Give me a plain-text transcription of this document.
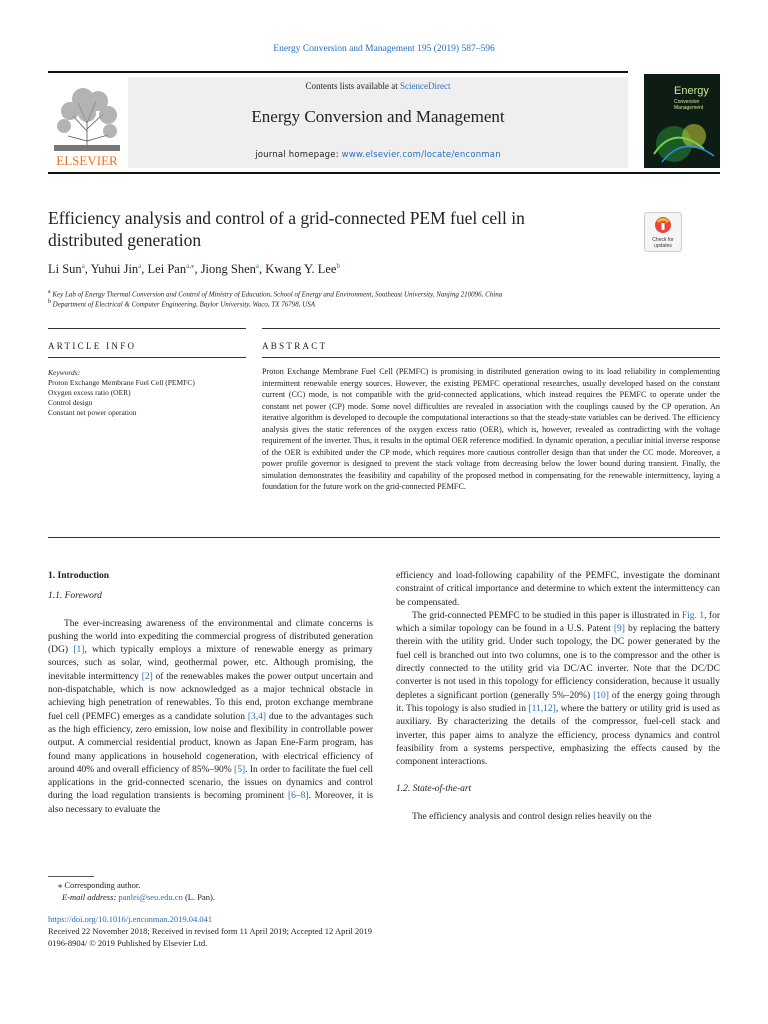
Energy Conversion and Management 195 (2019) 587–596
ELSEVIER
Contents lists available at ScienceDirect
Energy Conversion and Management
journal homepage: www.elsevier.com/locate/enconman
Energy
Conversion
Management
Efficiency analysis and control of a grid-connected PEM fuel cell in
distributed generation	Check for
updates
Li Sun$^a$, Yuhui Jin$^a$, Lei Pan$^{a,⁎}$, Jiong Shen$^a$, Kwang Y. Lee$^b$
$^a$ Key Lab of Energy Thermal Conversion and Control of Ministry of Education, School of Energy and Environment, Southeast University, Nanjing 210096, China
$^b$ Department of Electrical & Computer Engineering, Baylor University, Waco, TX 76798, USA
ARTICLE INFO	ABSTRACT
Keywords:
Proton Exchange Membrane Fuel Cell (PEMFC)
Oxygen excess ratio (OER)
Control design
Constant net power operation
Proton Exchange Membrane Fuel Cell (PEMFC) is promising in distributed generation owing to its load reliability in complementing intermittent renewable energy sources. However, the existing PEMFC operational researches, usually developed based on the constant current (CC) mode, is not compatible with the grid-connected applications, which instead requires the PEMFC to operate under the constant net power (CP) mode. Some novel difficulties are revealed in association with the couplings caused by the CP operation. An iterative algorithm is developed to decouple the computational interactions so that the steady-state variables can be derived. The efficiency analysis gives the static references of the oxygen excess ratio (OER), which is, however, revealed as contradicting with the voltage requirement of the inverter. Thus, it results in the optimal OER reference modified. In dynamic operation, a peculiar initial inverse response of the OER is exhibited under the CP mode, which requires more cautious controller design than that under the CC mode. Moreover, a power profile governor is designed to prevent the stack voltage from decreasing below the lower bound during transient. Finally, the simulation demonstrates the feasibility and capability of the proposed method in compensating for the renewable intermittency, laying a foundation for the future work on the grid-connected PEMFC.
1. Introduction
1.1. Foreword

The ever-increasing awareness of the environmental and climate concerns is pushing the world into expediting the commercial progress of distributed generation (DG) [1], which typically employs a mixture of renewable energy as primary sources, such as solar, wind, geothermal power, etc. Although promising, the inevitable intermittency [2] of the renewables makes the power output uncertain and non-dispatchable, which is now acknowledged as a major technical obstacle in achieving high penetration of renewables. To this end, proton exchange membrane fuel cell (PEMFC) emerges as a candidate solution [3,4] due to the advantages such as the high efficiency, zero emission, low noise and flexibility in controllable power output. A commercial residential product, known as Japan Ene-Farm program, has found many applications in household cogeneration, with electrical efficiency of around 40% and overall efficiency of 85%–90% [5]. In order to facilitate the fuel cell applications in the grid-connected scenario, the issues on dynamics and control during the load regulation transients is becoming prominent [6–8]. Moreover, it is also necessary to evaluate the

efficiency and load-following capability of the PEMFC, investigate the dominant constraint of critical importance and determine to which extent the intermittency can be compensated.

The grid-connected PEMFC to be studied in this paper is illustrated in Fig. 1, for which a similar topology can be found in a U.S. Patent [9] by replacing the battery therein with the utility grid. Under such topology, the DC power generated by the fuel cell is branched out into two columns, one is to the compressor and the other is directly connected to the utility grid via DC/AC inverter. Note that the DC/DC converter is not used in this topology for efficiency consideration, because it usually depletes a significant portion (generally 5%–20%) [10] of the energy going through it. This topology is also studied in [11,12], where the battery or utility grid is used as auxiliary. By characterizing the details of the compressor, fuel-cell stack and inverter, this paper aims to analyze the efficiency, process dynamics and control feasibility from a systems perspective, emphasizing the effects caused by the component interactions.

1.2. State-of-the-art

The efficiency analysis and control design relies heavily on the

⁎ Corresponding author.
E-mail address: panlei@seu.edu.cn (L. Pan).
https://doi.org/10.1016/j.enconman.2019.04.041
Received 22 November 2018; Received in revised form 11 April 2019; Accepted 12 April 2019
0196-8904/ © 2019 Published by Elsevier Ltd.
